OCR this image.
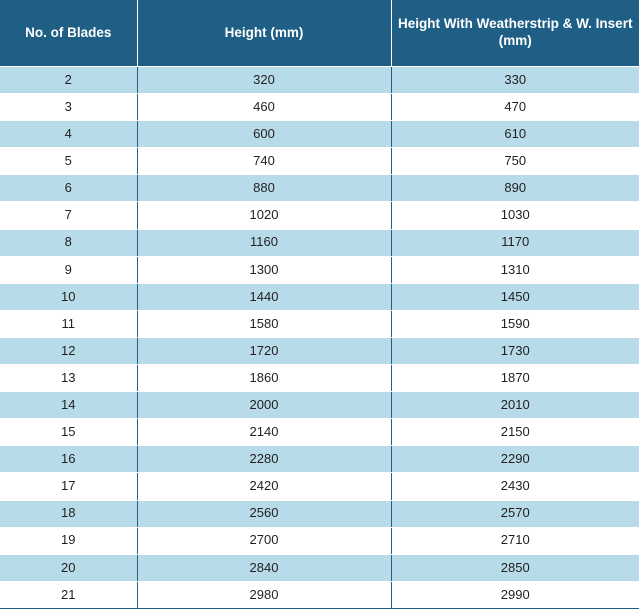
No. of Blades	Height (mm)	Height With Weatherstrip & W. Insert (mm)
2	320	330
3	460	470
4	600	610
5	740	750
6	880	890
7	1020	1030
8	1160	1170
9	1300	1310
10	1440	1450
11	1580	1590
12	1720	1730
13	1860	1870
14	2000	2010
15	2140	2150
16	2280	2290
17	2420	2430
18	2560	2570
19	2700	2710
20	2840	2850
21	2980	2990
